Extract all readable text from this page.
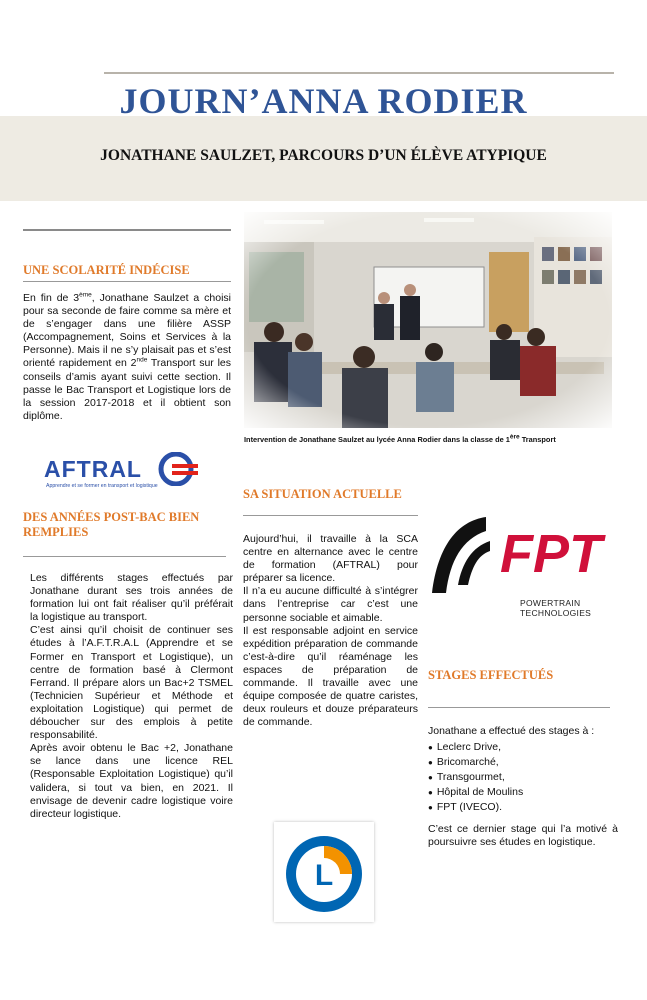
JOURN’ANNA RODIER
JONATHANE SAULZET, PARCOURS D’UN ÉLÈVE ATYPIQUE
UNE SCOLARITÉ INDÉCISE
En fin de 3ème, Jonathane Saulzet a choisi pour sa seconde de faire comme sa mère et de s’engager dans une filière ASSP (Accompagnement, Soins et Services à la Personne). Mais il ne s’y plaisait pas et s’est orienté rapidement en 2nde Transport sur les conseils d’amis ayant suivi cette section. Il passe le Bac Transport et Logistique lors de la session 2017-2018 et il obtient son diplôme.
Intervention de Jonathane Saulzet au lycée Anna Rodier dans la classe de 1ère Transport
AFTRAL
Apprendre et se former en transport et logistique
DES ANNÉES POST-BAC BIEN REMPLIES

Les différents stages effectués par Jonathane durant ses trois années de formation lui ont fait réaliser qu’il préférait la logistique au transport.

C’est ainsi qu’il choisit de continuer ses études à l’A.F.T.R.A.L (Apprendre et se Former en Transport et Logistique), un centre de formation basé à Clermont Ferrand. Il prépare alors un Bac+2 TSMEL (Technicien Supérieur et Méthode et exploitation Logistique) qui permet de déboucher sur des emplois à petite responsabilité.

Après avoir obtenu le Bac +2, Jonathane se lance dans une licence REL (Responsable Exploitation Logistique) qu’il validera, si tout va bien, en 2021. Il envisage de devenir cadre logistique voire directeur logistique.

SA SITUATION ACTUELLE

Aujourd’hui, il travaille à la SCA centre en alternance avec le centre de formation (AFTRAL) pour préparer sa licence.

Il n’a eu aucune difficulté à s’intégrer dans l’entreprise car c’est une personne sociable et aimable.

Il est responsable adjoint en service expédition préparation de commande c’est-à-dire qu’il réaménage les espaces de préparation de commande. Il travaille avec une équipe composée de quatre caristes, deux rouleurs et douze préparateurs de commande.

FPT
POWERTRAIN TECHNOLOGIES
STAGES EFFECTUÉS
Jonathane a effectué des stages à :
● Leclerc Drive,
● Bricomarché,
● Transgourmet,
● Hôpital de Moulins
● FPT (IVECO).
C’est ce dernier stage qui l’a motivé à poursuivre ses études en logistique.
L
